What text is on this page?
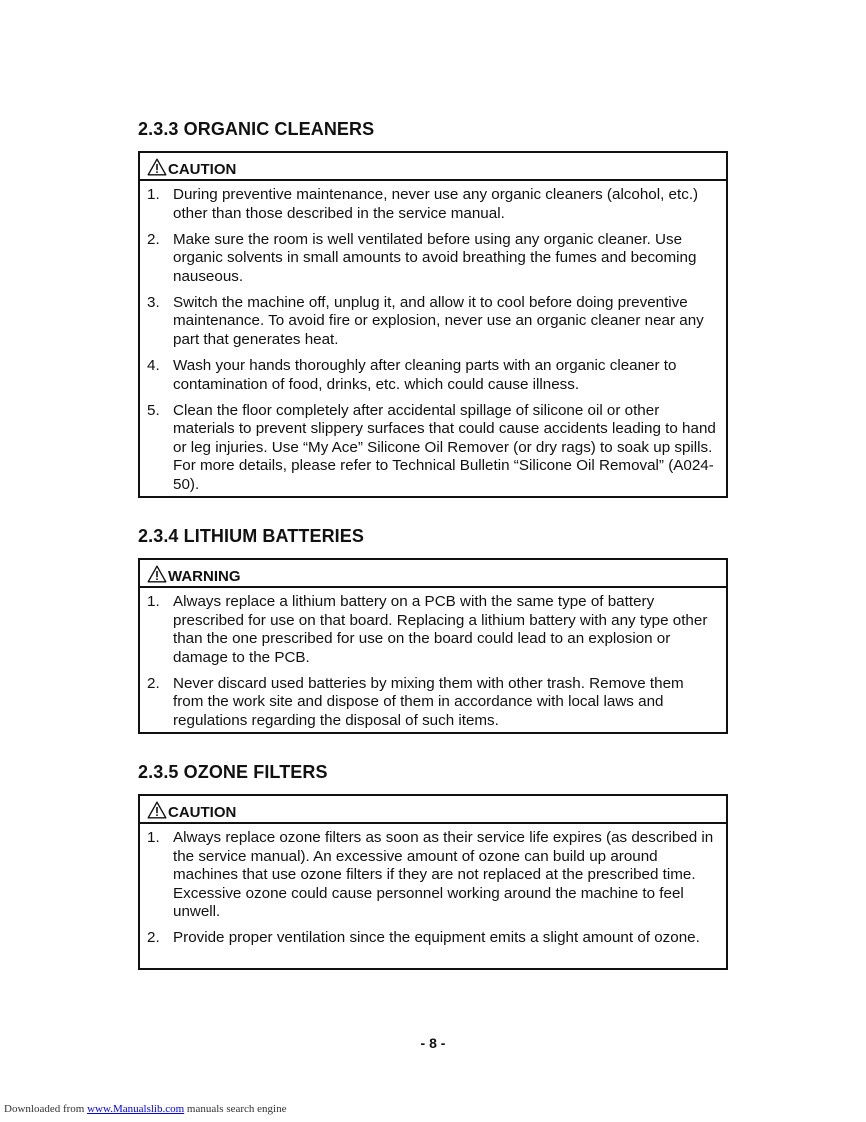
2.3.3 ORGANIC CLEANERS
CAUTION
1. During preventive maintenance, never use any organic cleaners (alcohol, etc.) other than those described in the service manual.
2. Make sure the room is well ventilated before using any organic cleaner. Use organic solvents in small amounts to avoid breathing the fumes and becoming nauseous.
3. Switch the machine off, unplug it, and allow it to cool before doing preventive maintenance. To avoid fire or explosion, never use an organic cleaner near any part that generates heat.
4. Wash your hands thoroughly after cleaning parts with an organic cleaner to contamination of food, drinks, etc. which could cause illness.
5. Clean the floor completely after accidental spillage of silicone oil or other materials to prevent slippery surfaces that could cause accidents leading to hand or leg injuries. Use “My Ace” Silicone Oil Remover (or dry rags) to soak up spills. For more details, please refer to Technical Bulletin “Silicone Oil Removal” (A024-50).
2.3.4 LITHIUM BATTERIES
WARNING
1. Always replace a lithium battery on a PCB with the same type of battery prescribed for use on that board. Replacing a lithium battery with any type other than the one prescribed for use on the board could lead to an explosion or damage to the PCB.
2. Never discard used batteries by mixing them with other trash. Remove them from the work site and dispose of them in accordance with local laws and regulations regarding the disposal of such items.
2.3.5 OZONE FILTERS
CAUTION
1. Always replace ozone filters as soon as their service life expires (as described in the service manual). An excessive amount of ozone can build up around machines that use ozone filters if they are not replaced at the prescribed time. Excessive ozone could cause personnel working around the machine to feel unwell.
2. Provide proper ventilation since the equipment emits a slight amount of ozone.
- 8 -
Downloaded from www.Manualslib.com manuals search engine
